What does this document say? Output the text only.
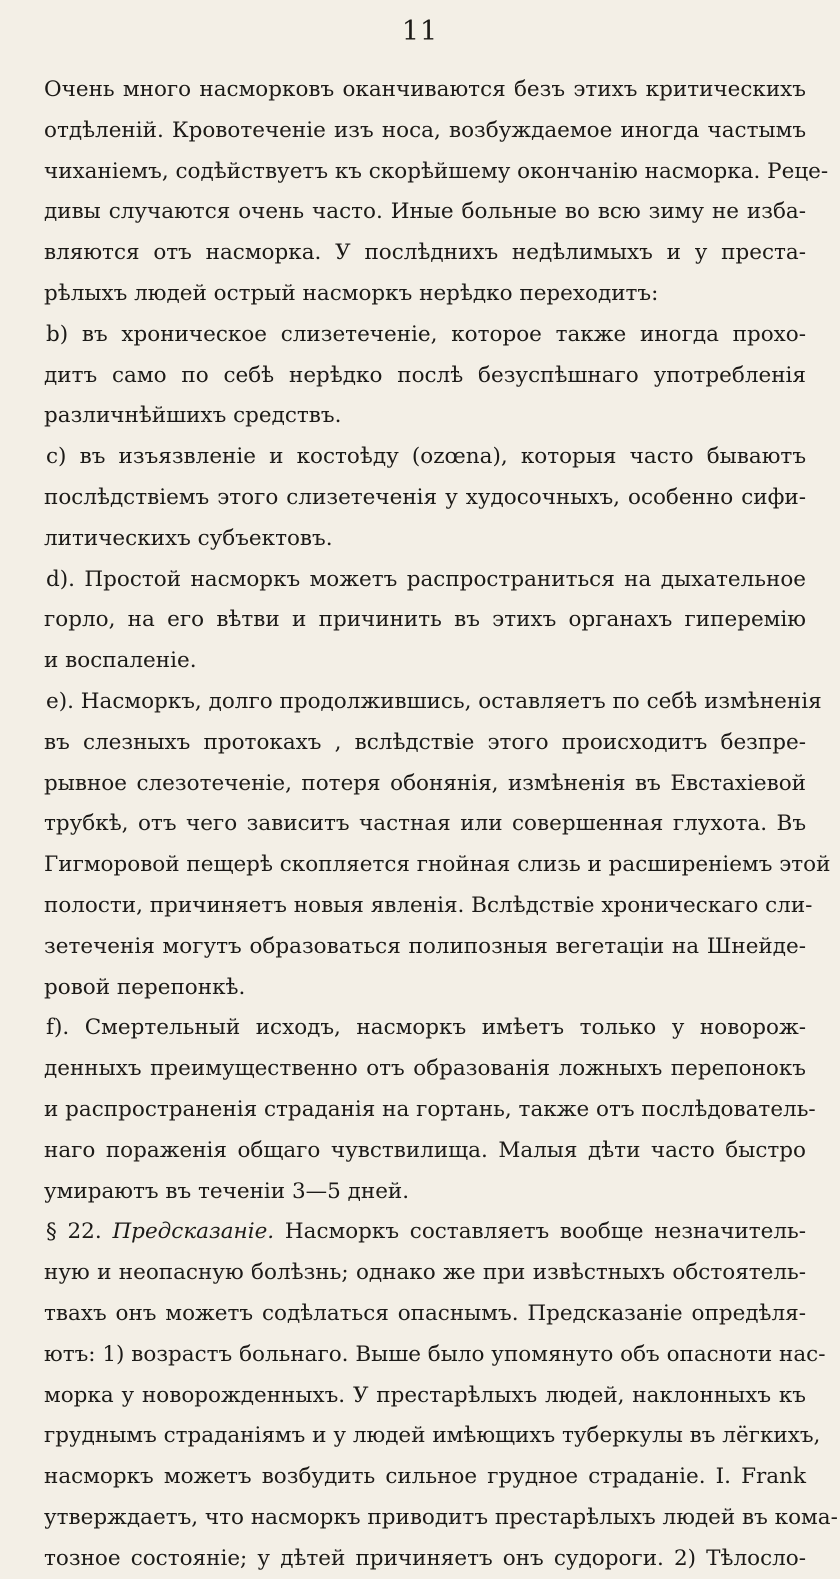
11
Очень много насморковъ оканчиваются безъ этихъ критическихъ
отдѣленій. Кровотеченіе изъ носа, возбуждаемое иногда частымъ
чиханіемъ, содѣйствуетъ къ скорѣйшему окончанію насморка. Реце-
дивы случаются очень часто. Иные больные во всю зиму не изба-
вляются отъ насморка. У послѣднихъ недѣлимыхъ и у преста-
рѣлыхъ людей острый насморкъ нерѣдко переходитъ:
b) въ хроническое слизетеченіе, которое также иногда прохо-
дитъ само по себѣ нерѣдко послѣ безуспѣшнаго употребленія
различнѣйшихъ средствъ.
c) въ изъязвленіе и костоѣду (ozœna), которыя часто бываютъ
послѣдствіемъ этого слизетеченія у худосочныхъ, особенно сифи-
литическихъ субъектовъ.
d). Простой насморкъ можетъ распространиться на дыхательное
горло, на его вѣтви и причинить въ этихъ органахъ гиперемію
и воспаленіе.
e). Насморкъ, долго продолжившись, оставляетъ по себѣ измѣненія
въ слезныхъ протокахъ , вслѣдствіе этого происходитъ безпре-
рывное слезотеченіе, потеря обонянія, измѣненія въ Евстахіевой
трубкѣ, отъ чего зависитъ частная или совершенная глухота. Въ
Гигморовой пещерѣ скопляется гнойная слизь и расширеніемъ этой
полости, причиняетъ новыя явленія. Вслѣдствіе хроническаго сли-
зетеченія могутъ образоваться полипозныя вегетаціи на Шнейде-
ровой перепонкѣ.
f). Смертельный исходъ, насморкъ имѣетъ только у новорож-
денныхъ преимущественно отъ образованія ложныхъ перепонокъ
и распространенія страданія на гортань, также отъ послѣдователь-
наго пораженія общаго чувствилища. Малыя дѣти часто быстро
умираютъ въ теченіи 3—5 дней.
§ 22. Предсказаніе. Насморкъ составляетъ вообще незначитель-
ную и неопасную болѣзнь; однако же при извѣстныхъ обстоятель-
твахъ онъ можетъ содѣлаться опаснымъ. Предсказаніе опредѣля-
ютъ: 1) возрастъ больнаго. Выше было упомянуто объ опасноти нас-
морка у новорожденныхъ. У престарѣлыхъ людей, наклонныхъ къ
груднымъ страданіямъ и у людей имѣющихъ туберкулы въ лёгкихъ,
насморкъ можетъ возбудить сильное грудное страданіе. I. Frank
утверждаетъ, что насморкъ приводитъ престарѣлыхъ людей въ кома-
тозное состояніе; у дѣтей причиняетъ онъ судороги. 2) Тѣлосло-
